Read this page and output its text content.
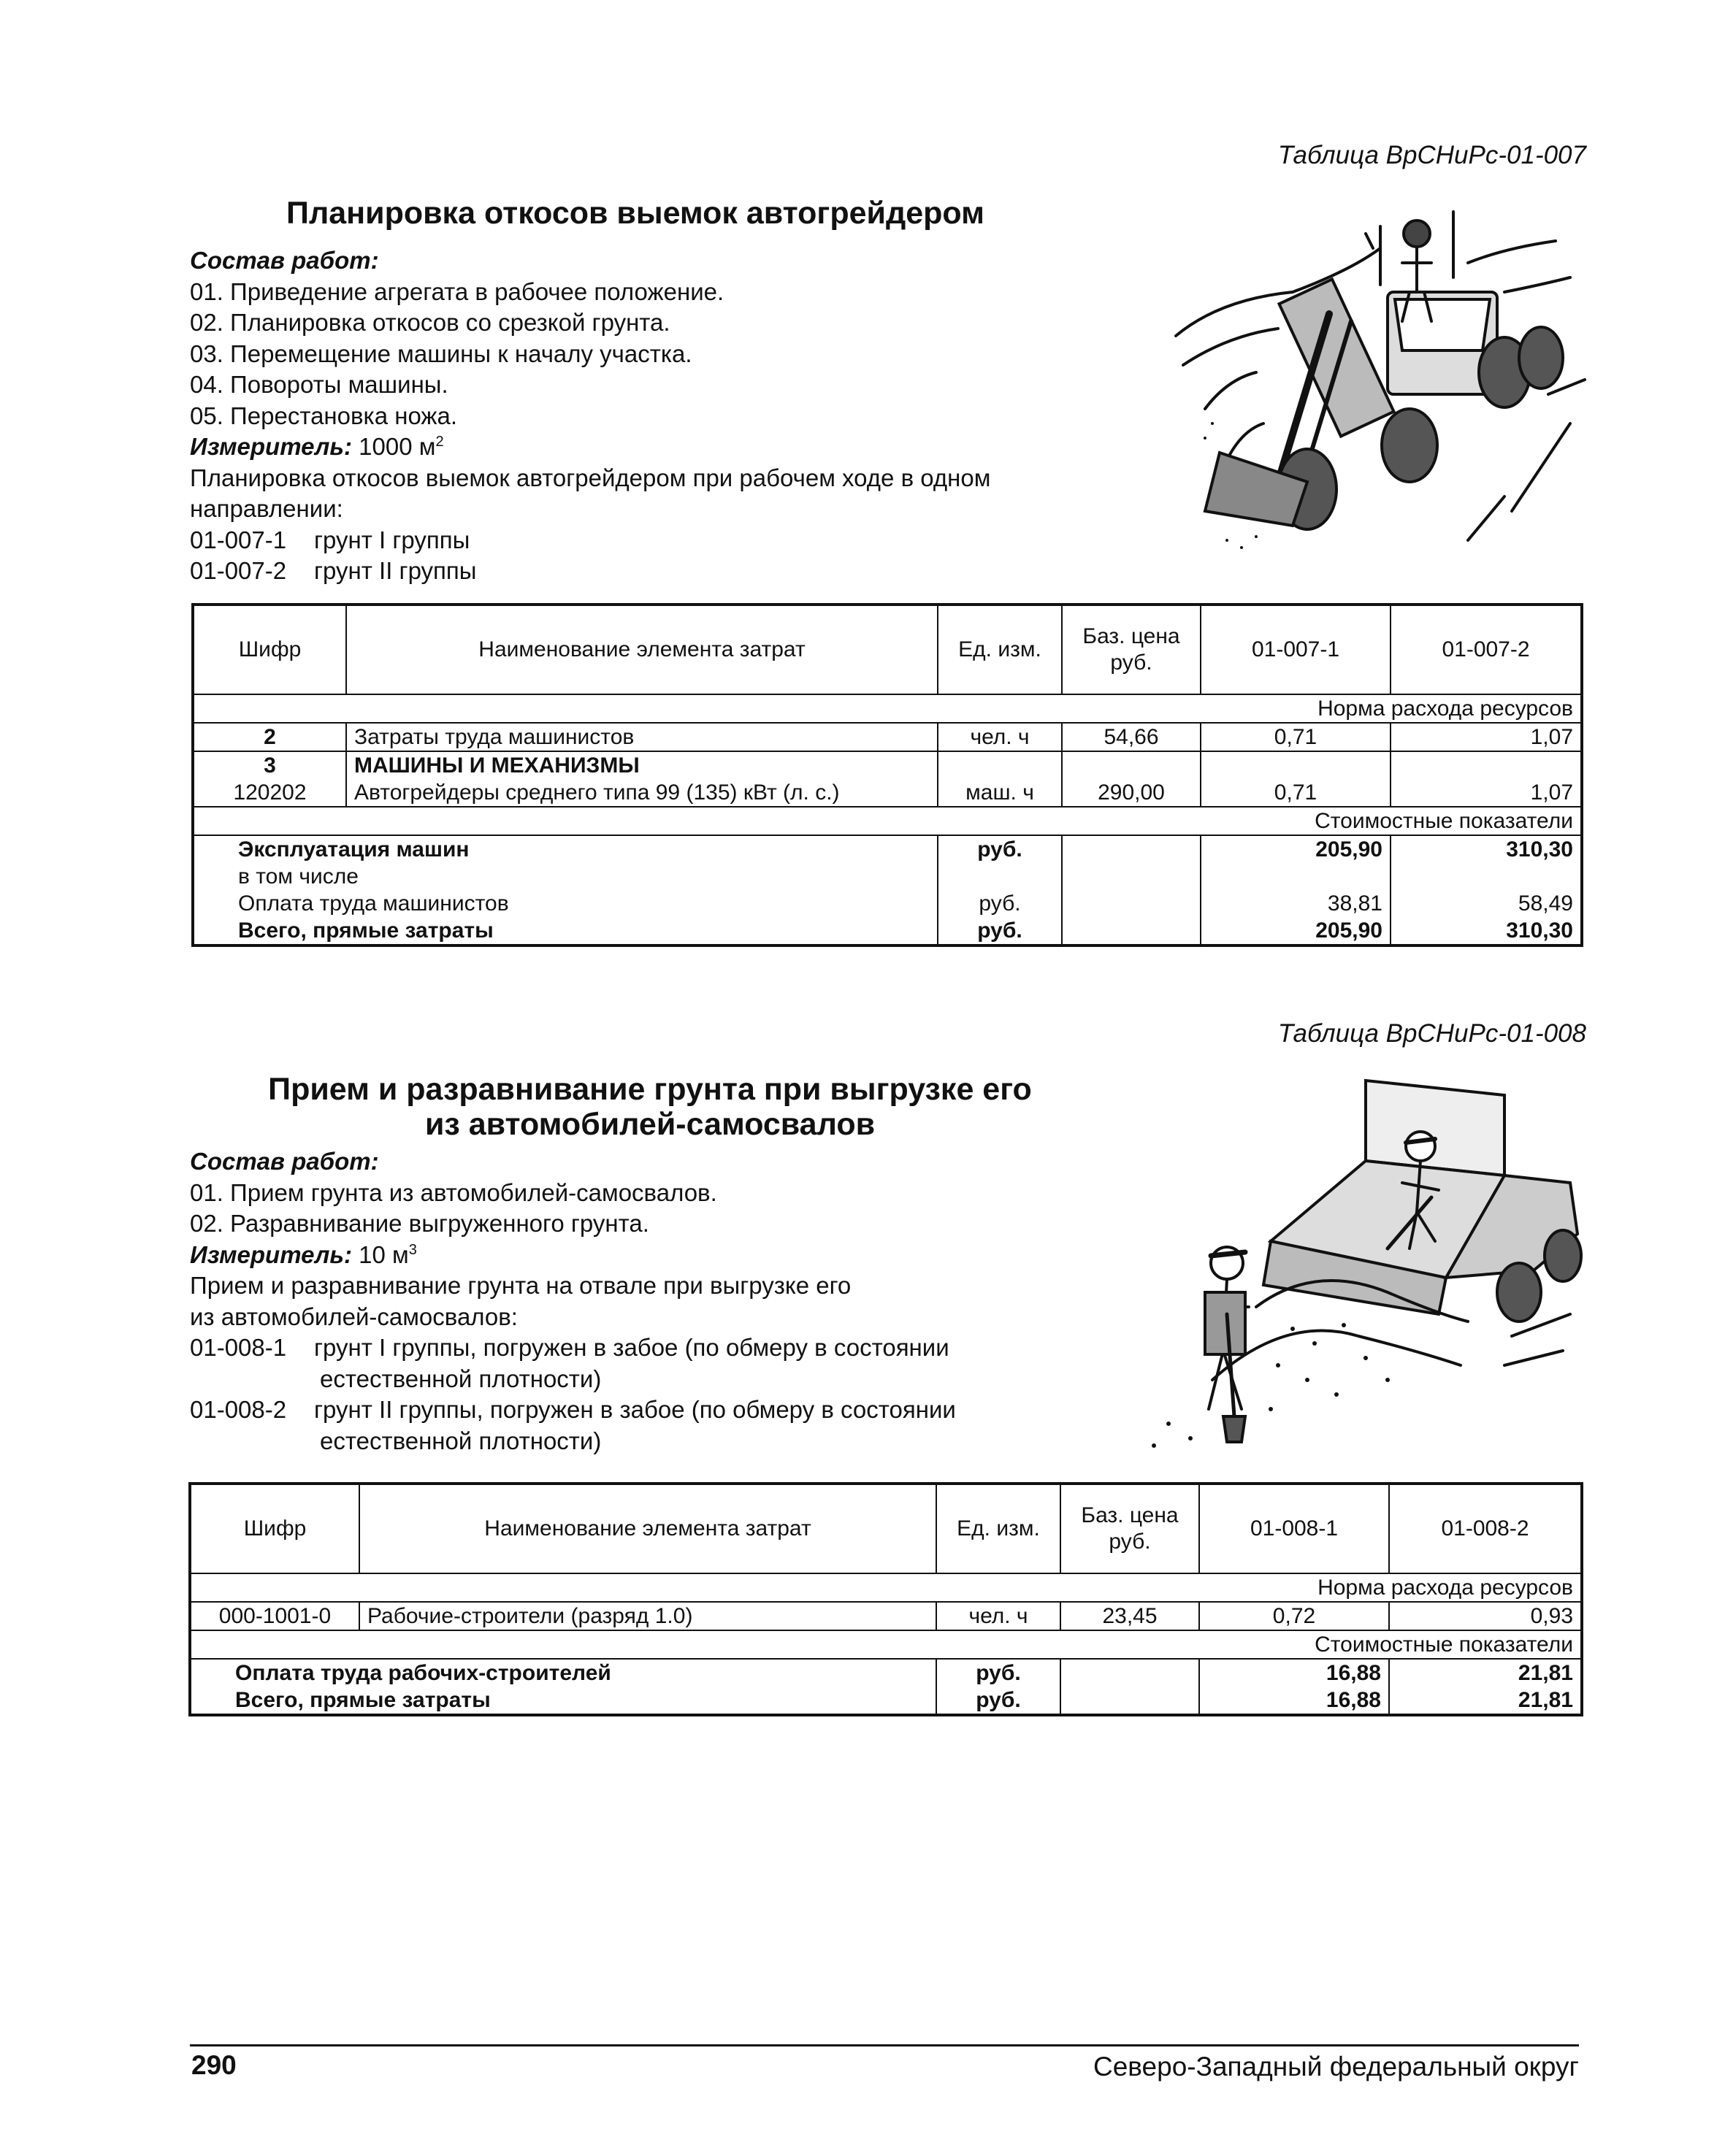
Таблица ВрСНиРс-01-007
Планировка откосов выемок автогрейдером
Состав работ:
01. Приведение агрегата в рабочее положение.
02. Планировка откосов со срезкой грунта.
03. Перемещение машины к началу участка.
04. Повороты машины.
05. Перестановка ножа.
Измеритель: 1000 $м^2$
Планировка откосов выемок автогрейдером при рабочем ходе в одном
направлении:
01-007-1 грунт I группы
01-007-2 грунт II группы
Шифр	Наименование элемента затрат	Ед. изм.	Баз. цена руб.	01-007-1	01-007-2
Норма расхода ресурсов					
2	Затраты труда машинистов	чел. ч	54,66	0,71	1,07
3	МАШИНЫ И МЕХАНИЗМЫ				
120202	Автогрейдеры среднего типа 99 (135) кВт (л. с.)	маш. ч	290,00	0,71	1,07
Стоимостные показатели					
Эксплуатация машин		руб.		205,90	310,30
в том числе					
Оплата труда машинистов		руб.		38,81	58,49
Всего, прямые затраты		руб.		205,90	310,30
Таблица ВрСНиРс-01-008
Прием и разравнивание грунта при выгрузке его
из автомобилей-самосвалов
Состав работ:
01. Прием грунта из автомобилей-самосвалов.
02. Разравнивание выгруженного грунта.
Измеритель: 10 $м^3$
Прием и разравнивание грунта на отвале при выгрузке его
из автомобилей-самосвалов:
01-008-1 грунт I группы, погружен в забое (по обмеру в состоянии
естественной плотности)
01-008-2 грунт II группы, погружен в забое (по обмеру в состоянии
естественной плотности)
Шифр	Наименование элемента затрат	Ед. изм.	Баз. цена руб.	01-008-1	01-008-2
Норма расхода ресурсов					
000-1001-0	Рабочие-строители (разряд 1.0)	чел. ч	23,45	0,72	0,93
Стоимостные показатели					
Оплата труда рабочих-строителей		руб.		16,88	21,81
Всего, прямые затраты		руб.		16,88	21,81
290	Северо-Западный федеральный округ
